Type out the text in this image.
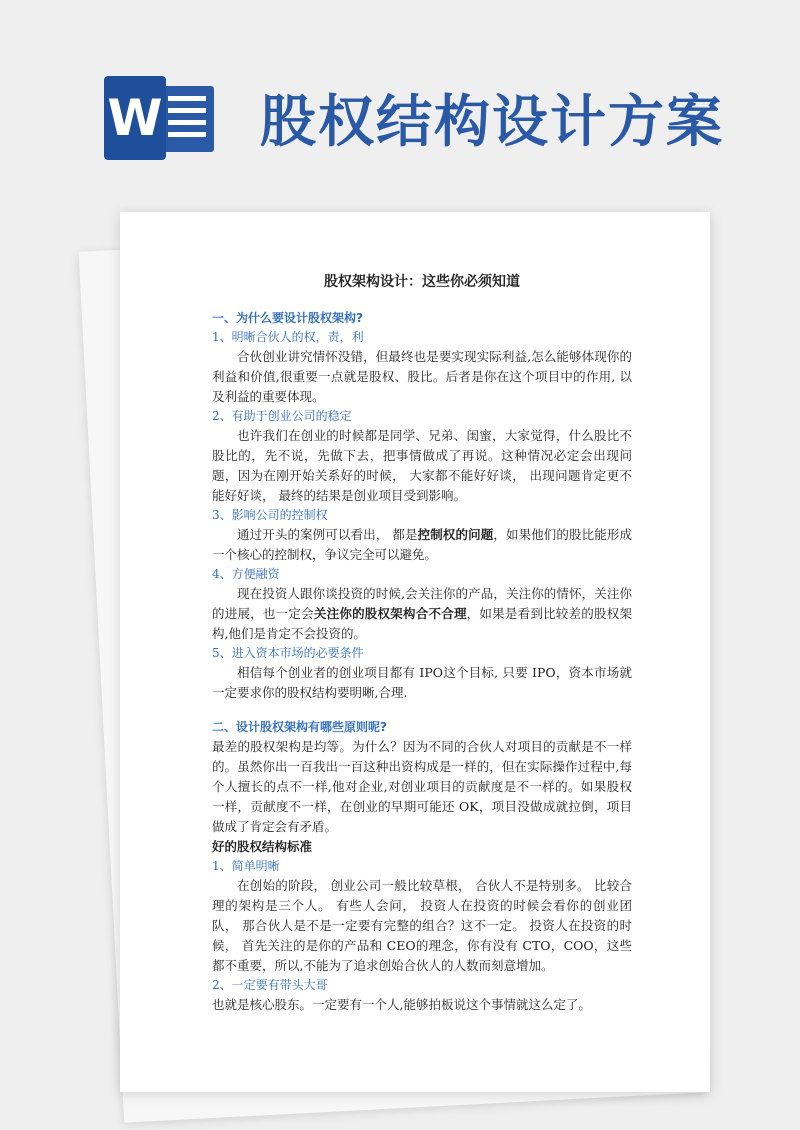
W 股权结构设计方案
股权架构设计：这些你必须知道
一、为什么要设计股权架构?
1、明晰合伙人的权，责，利

合伙创业讲究情怀没错，但最终也是要实现实际利益,怎么能够体现你的利益和价值,很重要一点就是股权、股比。后者是你在这个项目中的作用, 以及利益的重要体现。

2、有助于创业公司的稳定

也许我们在创业的时候都是同学、兄弟、闺蜜，大家觉得，什么股比不股比的，先不说，先做下去，把事情做成了再说。这种情况必定会出现问题，因为在刚开始关系好的时候， 大家都不能好好谈， 出现问题肯定更不能好好谈， 最终的结果是创业项目受到影响。

3、影响公司的控制权

通过开头的案例可以看出， 都是控制权的问题，如果他们的股比能形成一个核心的控制权，争议完全可以避免。

4、方便融资

现在投资人跟你谈投资的时候,会关注你的产品，关注你的情怀，关注你的进展，也一定会关注你的股权架构合不合理，如果是看到比较差的股权架构,他们是肯定不会投资的。

5、进入资本市场的必要条件

相信每个创业者的创业项目都有 IPO这个目标, 只要 IPO，资本市场就一定要求你的股权结构要明晰,合理.

二、设计股权架构有哪些原则呢?

最差的股权架构是均等。为什么？因为不同的合伙人对项目的贡献是不一样的。虽然你出一百我出一百这种出资构成是一样的，但在实际操作过程中,每个人擅长的点不一样,他对企业,对创业项目的贡献度是不一样的。如果股权一样，贡献度不一样，在创业的早期可能还 OK，项目没做成就拉倒，项目做成了肯定会有矛盾。

好的股权结构标准
1、简单明晰

在创始的阶段， 创业公司一般比较草根， 合伙人不是特别多。 比较合理的架构是三个人。 有些人会问， 投资人在投资的时候会看你的创业团队， 那合伙人是不是一定要有完整的组合？这不一定。 投资人在投资的时候， 首先关注的是你的产品和 CEO的理念，你有没有 CTO，COO，这些都不重要，所以,不能为了追求创始合伙人的人数而刻意增加。

2、一定要有带头大哥

也就是核心股东。一定要有一个人,能够拍板说这个事情就这么定了。
